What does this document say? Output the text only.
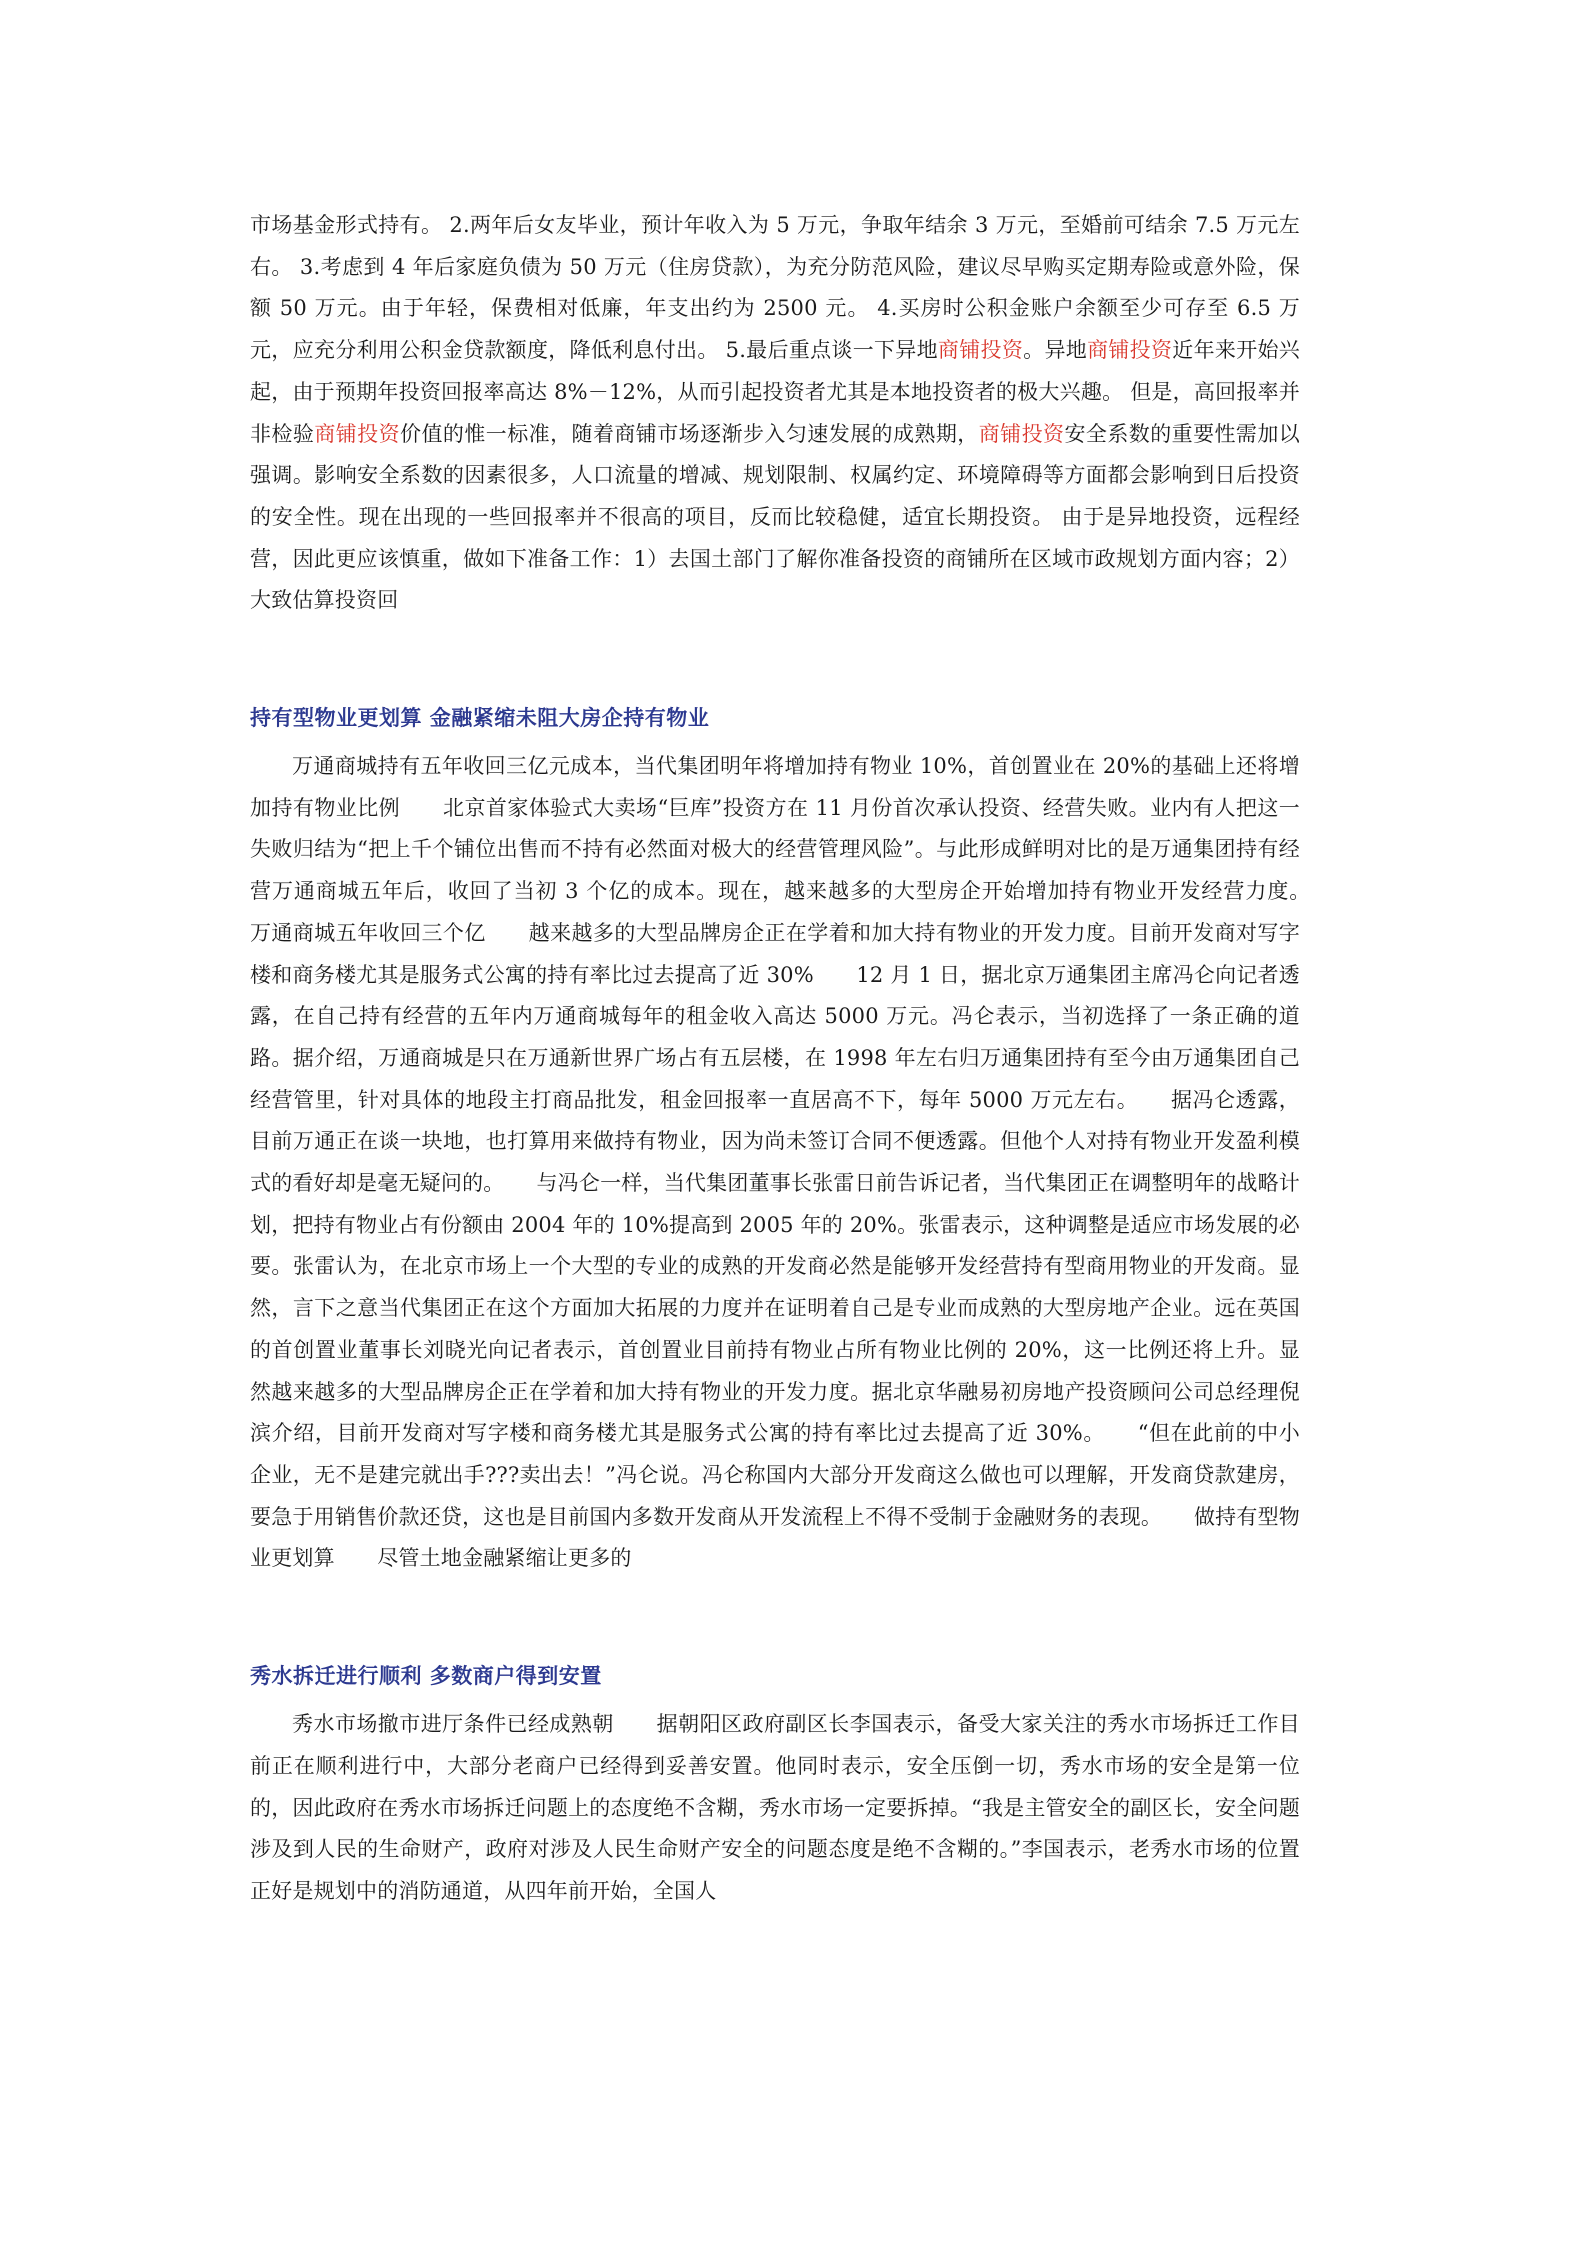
市场基金形式持有。 2.两年后女友毕业，预计年收入为 5 万元，争取年结余 3 万元，至婚前可结余 7.5 万元左右。 3.考虑到 4 年后家庭负债为 50 万元（住房贷款），为充分防范风险，建议尽早购买定期寿险或意外险，保额 50 万元。由于年轻，保费相对低廉，年支出约为 2500 元。 4.买房时公积金账户余额至少可存至 6.5 万元，应充分利用公积金贷款额度，降低利息付出。 5.最后重点谈一下异地商铺投资。异地商铺投资近年来开始兴起，由于预期年投资回报率高达 8%－12%，从而引起投资者尤其是本地投资者的极大兴趣。 但是，高回报率并非检验商铺投资价值的惟一标准，随着商铺市场逐渐步入匀速发展的成熟期，商铺投资安全系数的重要性需加以强调。影响安全系数的因素很多，人口流量的增减、规划限制、权属约定、环境障碍等方面都会影响到日后投资的安全性。现在出现的一些回报率并不很高的项目，反而比较稳健，适宜长期投资。 由于是异地投资，远程经营，因此更应该慎重，做如下准备工作：1）去国土部门了解你准备投资的商铺所在区域市政规划方面内容；2）大致估算投资回

持有型物业更划算 金融紧缩未阻大房企持有物业

万通商城持有五年收回三亿元成本，当代集团明年将增加持有物业 10%，首创置业在 20%的基础上还将增加持有物业比例　　北京首家体验式大卖场“巨库”投资方在 11 月份首次承认投资、经营失败。业内有人把这一失败归结为“把上千个铺位出售而不持有必然面对极大的经营管理风险”。与此形成鲜明对比的是万通集团持有经营万通商城五年后，收回了当初 3 个亿的成本。现在，越来越多的大型房企开始增加持有物业开发经营力度。　　万通商城五年收回三个亿　　越来越多的大型品牌房企正在学着和加大持有物业的开发力度。目前开发商对写字楼和商务楼尤其是服务式公寓的持有率比过去提高了近 30%　　12 月 1 日，据北京万通集团主席冯仑向记者透露，在自己持有经营的五年内万通商城每年的租金收入高达 5000 万元。冯仑表示，当初选择了一条正确的道路。据介绍，万通商城是只在万通新世界广场占有五层楼，在 1998 年左右归万通集团持有至今由万通集团自己经营管里，针对具体的地段主打商品批发，租金回报率一直居高不下，每年 5000 万元左右。　　据冯仑透露，目前万通正在谈一块地，也打算用来做持有物业，因为尚未签订合同不便透露。但他个人对持有物业开发盈利模式的看好却是毫无疑问的。　　与冯仑一样，当代集团董事长张雷日前告诉记者，当代集团正在调整明年的战略计划，把持有物业占有份额由 2004 年的 10%提高到 2005 年的 20%。张雷表示，这种调整是适应市场发展的必要。张雷认为，在北京市场上一个大型的专业的成熟的开发商必然是能够开发经营持有型商用物业的开发商。显然，言下之意当代集团正在这个方面加大拓展的力度并在证明着自己是专业而成熟的大型房地产企业。远在英国的首创置业董事长刘晓光向记者表示，首创置业目前持有物业占所有物业比例的 20%，这一比例还将上升。显然越来越多的大型品牌房企正在学着和加大持有物业的开发力度。据北京华融易初房地产投资顾问公司总经理倪滨介绍，目前开发商对写字楼和商务楼尤其是服务式公寓的持有率比过去提高了近 30%。　　“但在此前的中小企业，无不是建完就出手???卖出去！”冯仑说。冯仑称国内大部分开发商这么做也可以理解，开发商贷款建房，要急于用销售价款还贷，这也是目前国内多数开发商从开发流程上不得不受制于金融财务的表现。　　做持有型物业更划算　　尽管土地金融紧缩让更多的

秀水拆迁进行顺利 多数商户得到安置

秀水市场撤市进厅条件已经成熟朝　　据朝阳区政府副区长李国表示，备受大家关注的秀水市场拆迁工作目前正在顺利进行中，大部分老商户已经得到妥善安置。他同时表示，安全压倒一切，秀水市场的安全是第一位的，因此政府在秀水市场拆迁问题上的态度绝不含糊，秀水市场一定要拆掉。“我是主管安全的副区长，安全问题涉及到人民的生命财产，政府对涉及人民生命财产安全的问题态度是绝不含糊的。”李国表示，老秀水市场的位置正好是规划中的消防通道，从四年前开始，全国人
